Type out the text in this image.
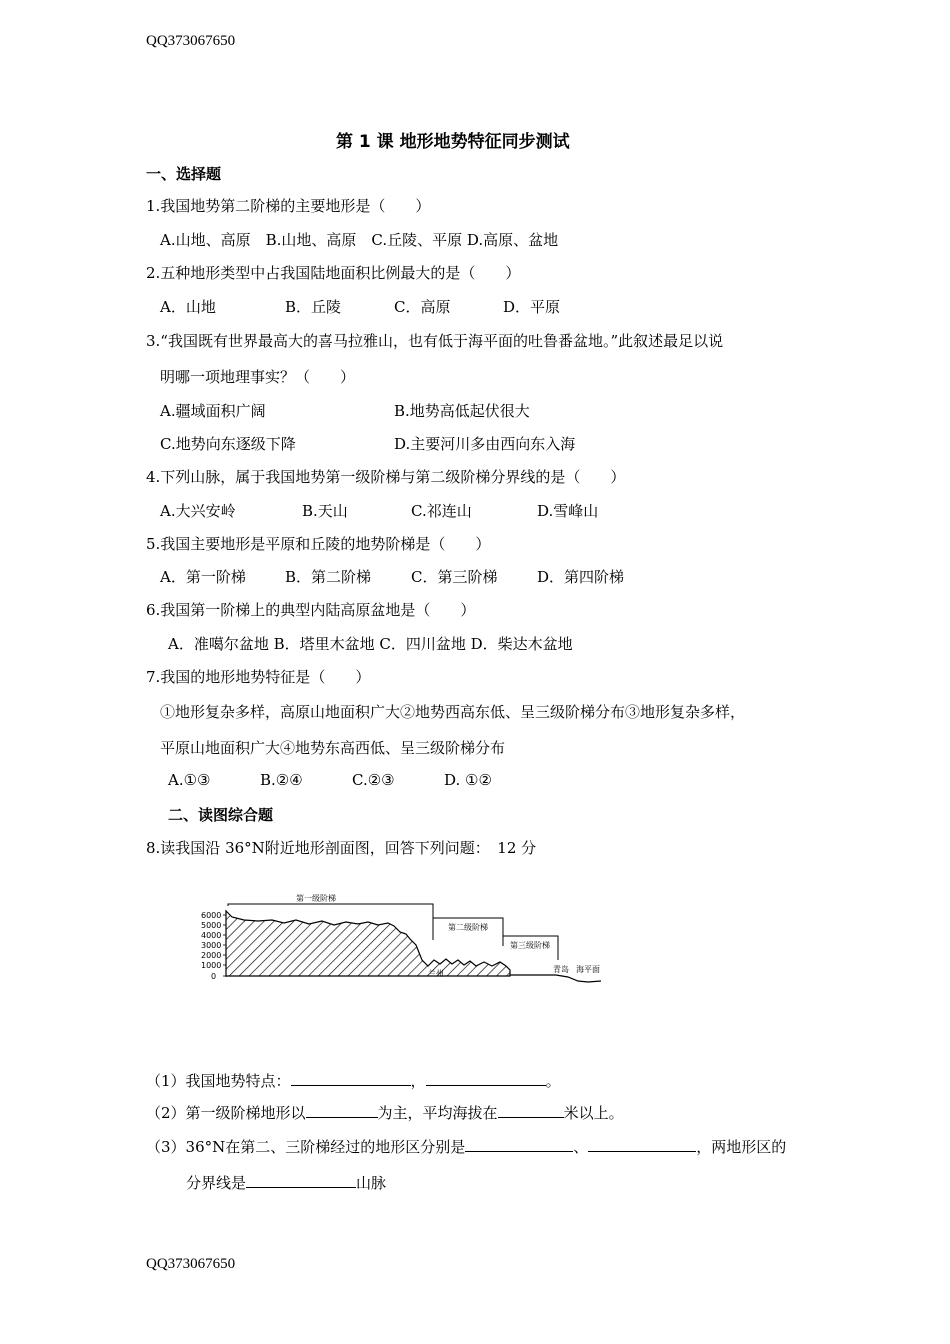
QQ373067650
第 1 课 地形地势特征同步测试
一、选择题
1.我国地势第二阶梯的主要地形是（　　）
A.山地、高原　B.山地、高原　C.丘陵、平原 D.高原、盆地
2.五种地形类型中占我国陆地面积比例最大的是（　　）
A．山地	B．丘陵	C．高原	D．平原
3.“我国既有世界最高大的喜马拉雅山，也有低于海平面的吐鲁番盆地。”此叙述最足以说
明哪一项地理事实？（　　）
A.疆域面积广阔	B.地势高低起伏很大
C.地势向东逐级下降	D.主要河川多由西向东入海
4.下列山脉，属于我国地势第一级阶梯与第二级阶梯分界线的是（　　）
A.大兴安岭	B.天山	C.祁连山	D.雪峰山
5.我国主要地形是平原和丘陵的地势阶梯是（　　）
A．第一阶梯	B．第二阶梯	C．第三阶梯	D．第四阶梯
6.我国第一阶梯上的典型内陆高原盆地是（　　）
A．准噶尔盆地 B．塔里木盆地 C．四川盆地 D．柴达木盆地
7.我国的地形地势特征是（　　）
①地形复杂多样，高原山地面积广大②地势西高东低、呈三级阶梯分布③地形复杂多样，
平原山地面积广大④地势东高西低、呈三级阶梯分布
A.①③	B.②④	C.②③	D. ①②
二、读图综合题
8.读我国沿 36°N附近地形剖面图，回答下列问题：　12 分
6000
5000
4000
3000
2000
1000
0
第一级阶梯
第二级阶梯
第三级阶梯
兰州	青岛 海平面
（1）我国地势特点：	，	。
（2）第一级阶梯地形以	为主，平均海拔在	米以上。
（3）36°N在第二、三阶梯经过的地形区分别是	、	，两地形区的
分界线是	山脉
QQ373067650
